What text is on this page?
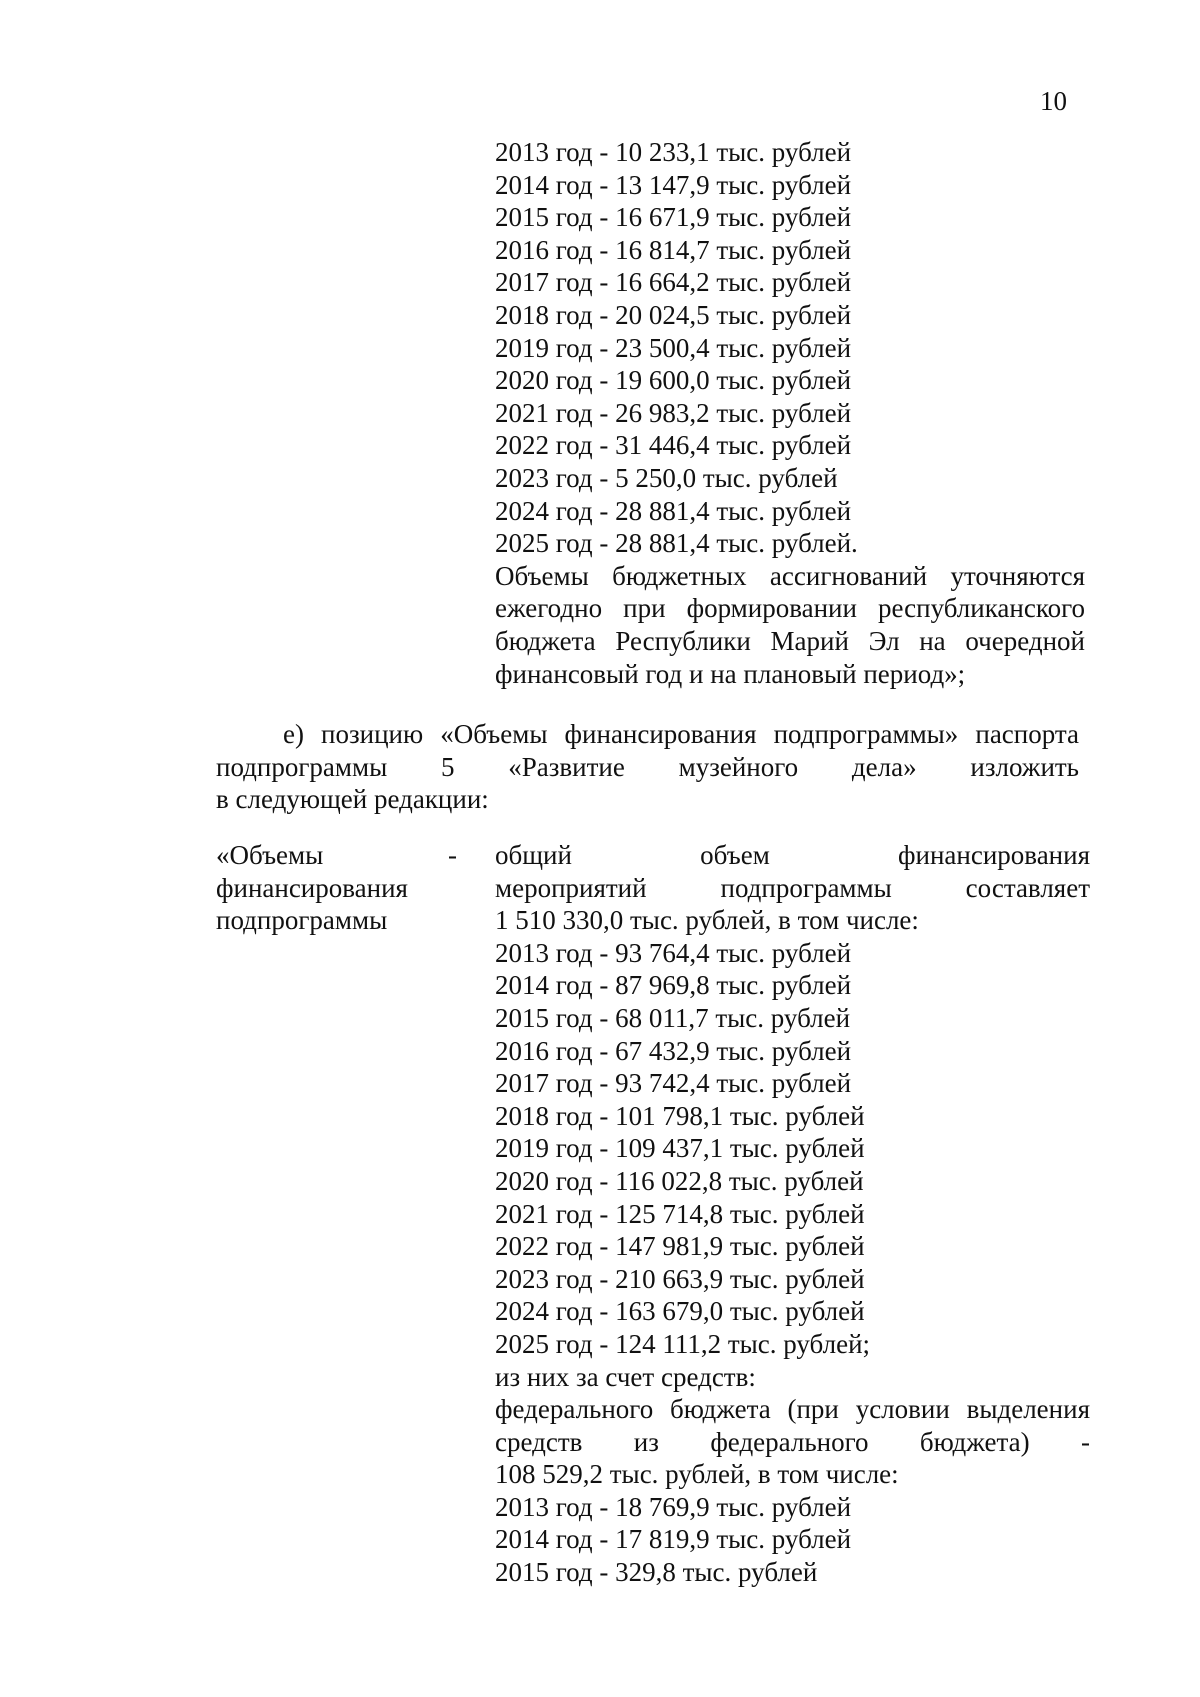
10
2013 год - 10 233,1 тыс. рублей
2014 год - 13 147,9 тыс. рублей
2015 год - 16 671,9 тыс. рублей
2016 год - 16 814,7 тыс. рублей
2017 год - 16 664,2 тыс. рублей
2018 год - 20 024,5 тыс. рублей
2019 год - 23 500,4 тыс. рублей
2020 год - 19 600,0 тыс. рублей
2021 год - 26 983,2 тыс. рублей
2022 год - 31 446,4 тыс. рублей
2023 год - 5 250,0 тыс. рублей
2024 год - 28 881,4 тыс. рублей
2025 год - 28 881,4 тыс. рублей.
Объемы бюджетных ассигнований уточняются
ежегодно при формировании республиканского
бюджета Республики Марий Эл на очередной
финансовый год и на плановый период»;
е) позицию «Объемы финансирования подпрограммы» паспорта
подпрограммы 5 «Развитие музейного дела» изложить
в следующей редакции:
«Объемы
финансирования
подпрограммы
- общий объем финансирования
мероприятий подпрограммы составляет
1 510 330,0 тыс. рублей, в том числе:
2013 год - 93 764,4 тыс. рублей
2014 год - 87 969,8 тыс. рублей
2015 год - 68 011,7 тыс. рублей
2016 год - 67 432,9 тыс. рублей
2017 год - 93 742,4 тыс. рублей
2018 год - 101 798,1 тыс. рублей
2019 год - 109 437,1 тыс. рублей
2020 год - 116 022,8 тыс. рублей
2021 год - 125 714,8 тыс. рублей
2022 год - 147 981,9 тыс. рублей
2023 год - 210 663,9 тыс. рублей
2024 год - 163 679,0 тыс. рублей
2025 год - 124 111,2 тыс. рублей;
из них за счет средств:
федерального бюджета (при условии выделения
средств из федерального бюджета) -
108 529,2 тыс. рублей, в том числе:
2013 год - 18 769,9 тыс. рублей
2014 год - 17 819,9 тыс. рублей
2015 год - 329,8 тыс. рублей
